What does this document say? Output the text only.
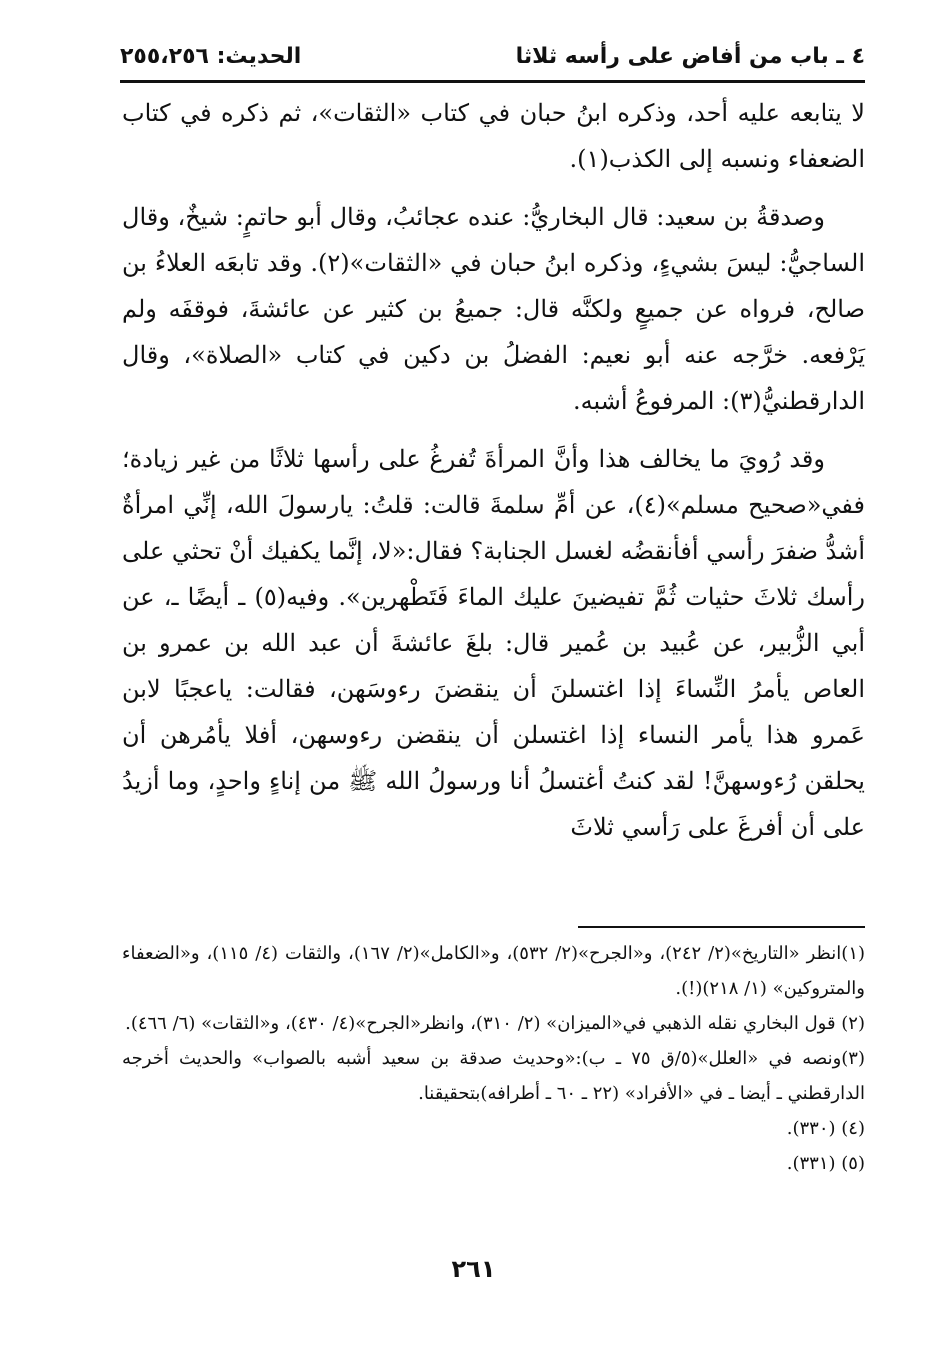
٤ ـ باب من أفاض على رأسه ثلاثا
الحديث: ٢٥٥،٢٥٦

لا يتابعه عليه أحد، وذكره ابنُ حبان في كتاب «الثقات»، ثم ذكره في كتاب الضعفاء ونسبه إلى الكذب(١).

وصدقةُ بن سعيد: قال البخاريُّ: عنده عجائبُ، وقال أبو حاتمٍ: شيخٌ، وقال الساجيُّ: ليسَ بشيءٍ، وذكره ابنُ حبان في «الثقات»(٢). وقد تابعَه العلاءُ بن صالح، فرواه عن جميعٍ ولكنَّه قال: جميعُ بن كثير عن عائشةَ، فوقفَه ولم يَرْفعه. خرَّجه عنه أبو نعيم: الفضلُ بن دكين في كتاب «الصلاة»، وقال الدارقطنيُّ(٣): المرفوعُ أشبه.

وقد رُويَ ما يخالف هذا وأنَّ المرأةَ تُفرغُ على رأسها ثلاثًا من غير زيادة؛ ففي«صحيح مسلم»(٤)، عن أمِّ سلمةَ قالت: قلتُ: يارسولَ الله، إنِّي امرأةٌ أشدُّ ضفرَ رأسي أفأنقضُه لغسل الجنابة؟ فقال:«لا، إنَّما يكفيك أنْ تحثي على رأسك ثلاثَ حثيات ثُمَّ تفيضينَ عليك الماءَ فَتَطْهرين». وفيه(٥) ـ أيضًا ـ، عن أبي الزُّبير، عن عُبيد بن عُمير قال: بلغَ عائشةَ أن عبد الله بن عمرو بن العاص يأمرُ النِّساءَ إذا اغتسلنَ أن ينقضنَ رءوسَهن، فقالت: ياعجبًا لابن عَمرو هذا يأمر النساء إذا اغتسلن أن ينقضن رءوسهن، أفلا يأمُرهن أن يحلقن رُءوسهنَّ! لقد كنتُ أغتسلُ أنا ورسولُ الله ﷺ من إناءٍ واحدٍ، وما أزيدُ على أن أفرغَ على رَأسي ثلاثَ

(١)انظر «التاريخ»(٢/ ٢٤٢)، و«الجرح»(٢/ ٥٣٢)، و«الكامل»(٢/ ١٦٧)، والثقات (٤/ ١١٥)، و«الضعفاء والمتروكين» (١/ ٢١٨)(!).

(٢) قول البخاري نقله الذهبي في«الميزان» (٢/ ٣١٠)، وانظر«الجرح»(٤/ ٤٣٠)، و«الثقات» (٦/ ٤٦٦).

(٣)ونصه في «العلل»(٥/ق ٧٥ ـ ب):«وحديث صدقة بن سعيد أشبه بالصواب» والحديث أخرجه الدارقطني ـ أيضا ـ في «الأفراد» (٢٢ ـ ٦٠ ـ أطرافه)بتحقيقنا.

(٤) (٣٣٠).

(٥) (٣٣١).

٢٦١
